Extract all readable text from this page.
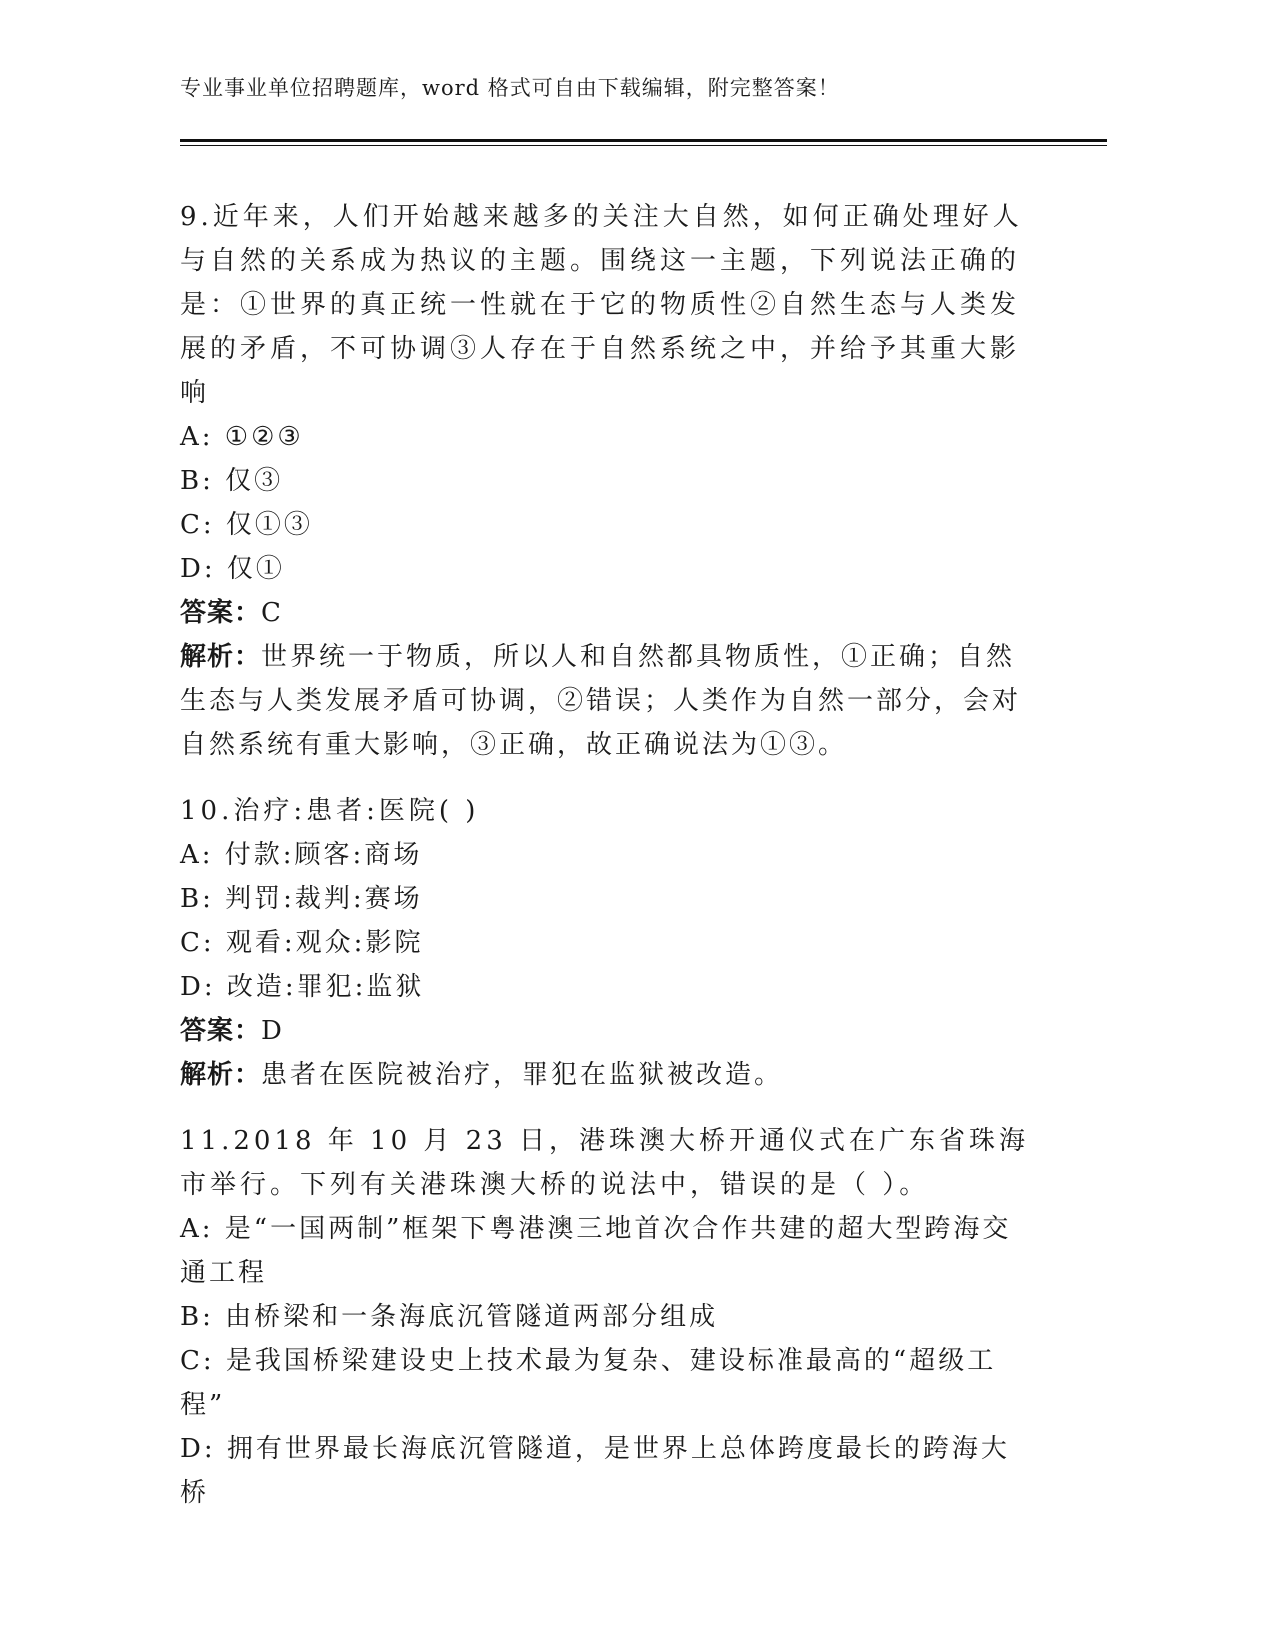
专业事业单位招聘题库，word 格式可自由下载编辑，附完整答案！
9.近年来，人们开始越来越多的关注大自然，如何正确处理好人与自然的关系成为热议的主题。围绕这一主题，下列说法正确的是：①世界的真正统一性就在于它的物质性②自然生态与人类发展的矛盾，不可协调③人存在于自然系统之中，并给予其重大影响
A: ①②③
B: 仅③
C: 仅①③
D: 仅①
答案：C
解析：世界统一于物质，所以人和自然都具物质性，①正确；自然生态与人类发展矛盾可协调，②错误；人类作为自然一部分，会对自然系统有重大影响，③正确，故正确说法为①③。
10.治疗:患者:医院( )
A: 付款:顾客:商场
B: 判罚:裁判:赛场
C: 观看:观众:影院
D: 改造:罪犯:监狱
答案：D
解析：患者在医院被治疗，罪犯在监狱被改造。
11.2018 年 10 月 23 日，港珠澳大桥开通仪式在广东省珠海市举行。下列有关港珠澳大桥的说法中，错误的是（ ）。
A: 是“一国两制”框架下粤港澳三地首次合作共建的超大型跨海交通工程
B: 由桥梁和一条海底沉管隧道两部分组成
C: 是我国桥梁建设史上技术最为复杂、建设标准最高的“超级工程”
D: 拥有世界最长海底沉管隧道，是世界上总体跨度最长的跨海大桥
